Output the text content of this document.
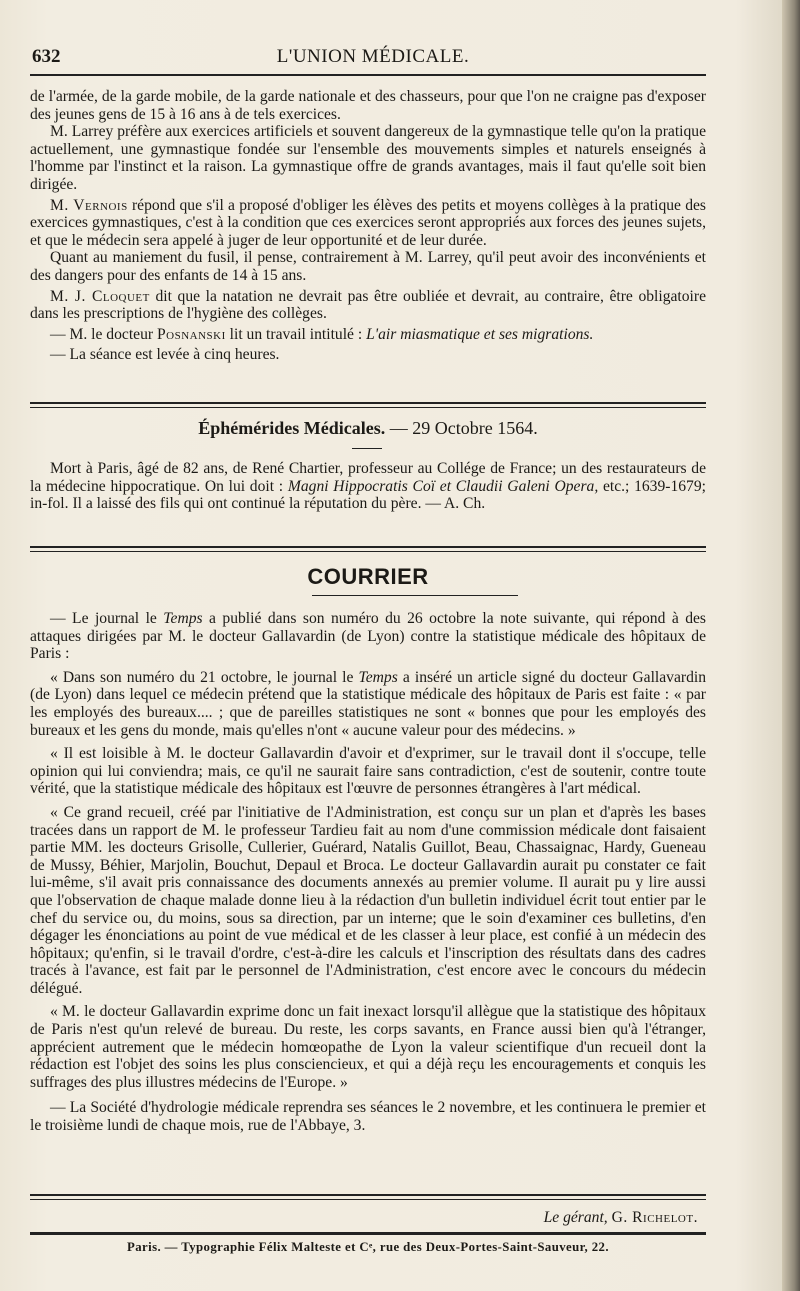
632	L'UNION MÉDICALE.

de l'armée, de la garde mobile, de la garde nationale et des chasseurs, pour que l'on ne craigne pas d'exposer des jeunes gens de 15 à 16 ans à de tels exercices.

M. Larrey préfère aux exercices artificiels et souvent dangereux de la gymnastique telle qu'on la pratique actuellement, une gymnastique fondée sur l'ensemble des mouvements simples et naturels enseignés à l'homme par l'instinct et la raison. La gymnastique offre de grands avantages, mais il faut qu'elle soit bien dirigée.

M. Vernois répond que s'il a proposé d'obliger les élèves des petits et moyens collèges à la pratique des exercices gymnastiques, c'est à la condition que ces exercices seront appropriés aux forces des jeunes sujets, et que le médecin sera appelé à juger de leur opportunité et de leur durée.

Quant au maniement du fusil, il pense, contrairement à M. Larrey, qu'il peut avoir des inconvénients et des dangers pour des enfants de 14 à 15 ans.

M. J. Cloquet dit que la natation ne devrait pas être oubliée et devrait, au contraire, être obligatoire dans les prescriptions de l'hygiène des collèges.

— M. le docteur Posnanski lit un travail intitulé : L'air miasmatique et ses migrations.

— La séance est levée à cinq heures.

Éphémérides Médicales. — 29 Octobre 1564.

Mort à Paris, âgé de 82 ans, de René Chartier, professeur au Collége de France; un des restaurateurs de la médecine hippocratique. On lui doit : Magni Hippocratis Coï et Claudii Galeni Opera, etc.; 1639-1679; in-fol. Il a laissé des fils qui ont continué la réputation du père. — A. Ch.

COURRIER

— Le journal le Temps a publié dans son numéro du 26 octobre la note suivante, qui répond à des attaques dirigées par M. le docteur Gallavardin (de Lyon) contre la statistique médicale des hôpitaux de Paris :

« Dans son numéro du 21 octobre, le journal le Temps a inséré un article signé du docteur Gallavardin (de Lyon) dans lequel ce médecin prétend que la statistique médicale des hôpitaux de Paris est faite : « par les employés des bureaux.... ; que de pareilles statistiques ne sont « bonnes que pour les employés des bureaux et les gens du monde, mais qu'elles n'ont « aucune valeur pour des médecins. »

« Il est loisible à M. le docteur Gallavardin d'avoir et d'exprimer, sur le travail dont il s'occupe, telle opinion qui lui conviendra; mais, ce qu'il ne saurait faire sans contradiction, c'est de soutenir, contre toute vérité, que la statistique médicale des hôpitaux est l'œuvre de personnes étrangères à l'art médical.

« Ce grand recueil, créé par l'initiative de l'Administration, est conçu sur un plan et d'après les bases tracées dans un rapport de M. le professeur Tardieu fait au nom d'une commission médicale dont faisaient partie MM. les docteurs Grisolle, Cullerier, Guérard, Natalis Guillot, Beau, Chassaignac, Hardy, Gueneau de Mussy, Béhier, Marjolin, Bouchut, Depaul et Broca. Le docteur Gallavardin aurait pu constater ce fait lui-même, s'il avait pris connaissance des documents annexés au premier volume. Il aurait pu y lire aussi que l'observation de chaque malade donne lieu à la rédaction d'un bulletin individuel écrit tout entier par le chef du service ou, du moins, sous sa direction, par un interne; que le soin d'examiner ces bulletins, d'en dégager les énonciations au point de vue médical et de les classer à leur place, est confié à un médecin des hôpitaux; qu'enfin, si le travail d'ordre, c'est-à-dire les calculs et l'inscription des résultats dans des cadres tracés à l'avance, est fait par le personnel de l'Administration, c'est encore avec le concours du médecin délégué.

« M. le docteur Gallavardin exprime donc un fait inexact lorsqu'il allègue que la statistique des hôpitaux de Paris n'est qu'un relevé de bureau. Du reste, les corps savants, en France aussi bien qu'à l'étranger, apprécient autrement que le médecin homœopathe de Lyon la valeur scientifique d'un recueil dont la rédaction est l'objet des soins les plus consciencieux, et qui a déjà reçu les encouragements et conquis les suffrages des plus illustres médecins de l'Europe. »

— La Société d'hydrologie médicale reprendra ses séances le 2 novembre, et les continuera le premier et le troisième lundi de chaque mois, rue de l'Abbaye, 3.

Le gérant, G. Richelot.
Paris. — Typographie Félix Malteste et Cᵉ, rue des Deux-Portes-Saint-Sauveur, 22.
